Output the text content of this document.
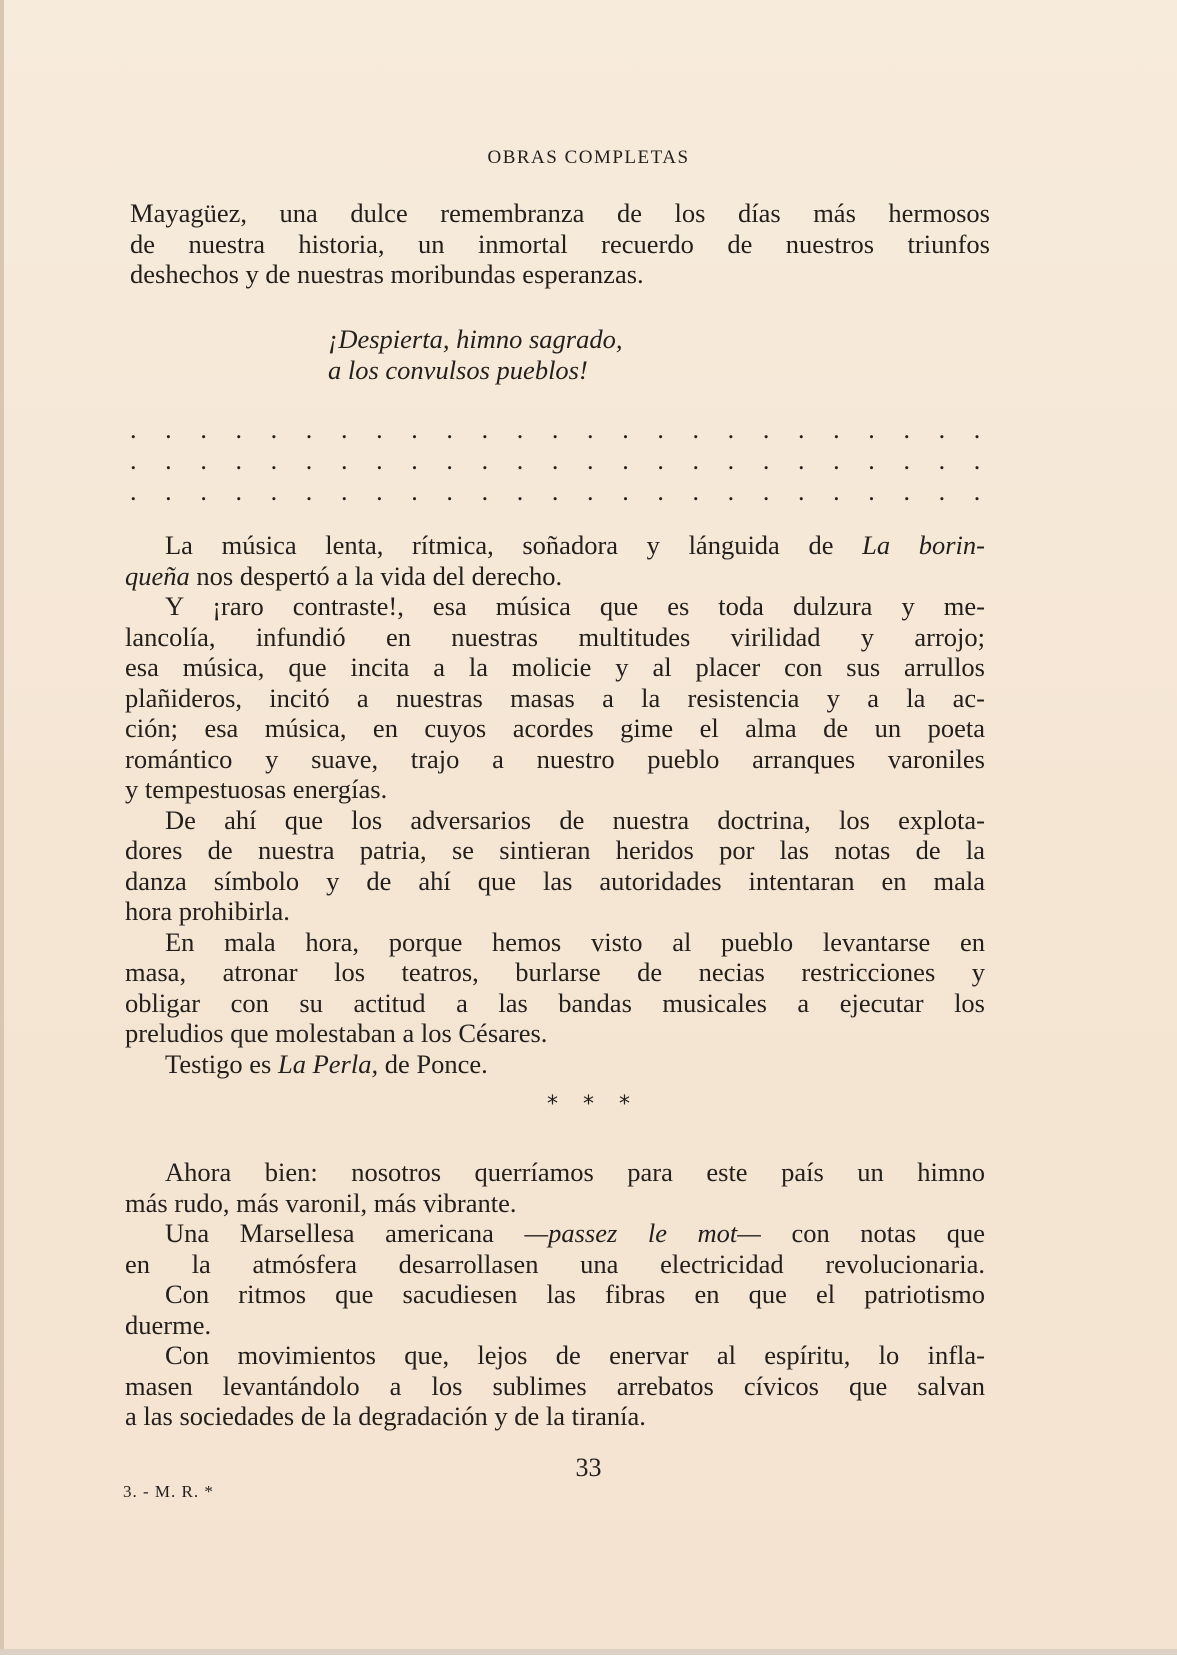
OBRAS COMPLETAS
Mayagüez, una dulce remembranza de los días más hermosos
de nuestra historia, un inmortal recuerdo de nuestros triunfos
deshechos y de nuestras moribundas esperanzas.
¡Despierta, himno sagrado,
a los convulsos pueblos!
. . . . . . . . . . . . . . . . . . . . . . . . .
. . . . . . . . . . . . . . . . . . . . . . . . .
. . . . . . . . . . . . . . . . . . . . . . . . .
La música lenta, rítmica, soñadora y lánguida de La borin-
queña nos despertó a la vida del derecho.
Y ¡raro contraste!, esa música que es toda dulzura y me-
lancolía, infundió en nuestras multitudes virilidad y arrojo;
esa música, que incita a la molicie y al placer con sus arrullos
plañideros, incitó a nuestras masas a la resistencia y a la ac-
ción; esa música, en cuyos acordes gime el alma de un poeta
romántico y suave, trajo a nuestro pueblo arranques varoniles
y tempestuosas energías.
De ahí que los adversarios de nuestra doctrina, los explota-
dores de nuestra patria, se sintieran heridos por las notas de la
danza símbolo y de ahí que las autoridades intentaran en mala
hora prohibirla.
En mala hora, porque hemos visto al pueblo levantarse en
masa, atronar los teatros, burlarse de necias restricciones y
obligar con su actitud a las bandas musicales a ejecutar los
preludios que molestaban a los Césares.
Testigo es La Perla, de Ponce.
* * *
Ahora bien: nosotros querríamos para este país un himno
más rudo, más varonil, más vibrante.
Una Marsellesa americana —passez le mot— con notas que
en la atmósfera desarrollasen una electricidad revolucionaria.
Con ritmos que sacudiesen las fibras en que el patriotismo
duerme.
Con movimientos que, lejos de enervar al espíritu, lo infla-
masen levantándolo a los sublimes arrebatos cívicos que salvan
a las sociedades de la degradación y de la tiranía.
33
3. - M. R. *
